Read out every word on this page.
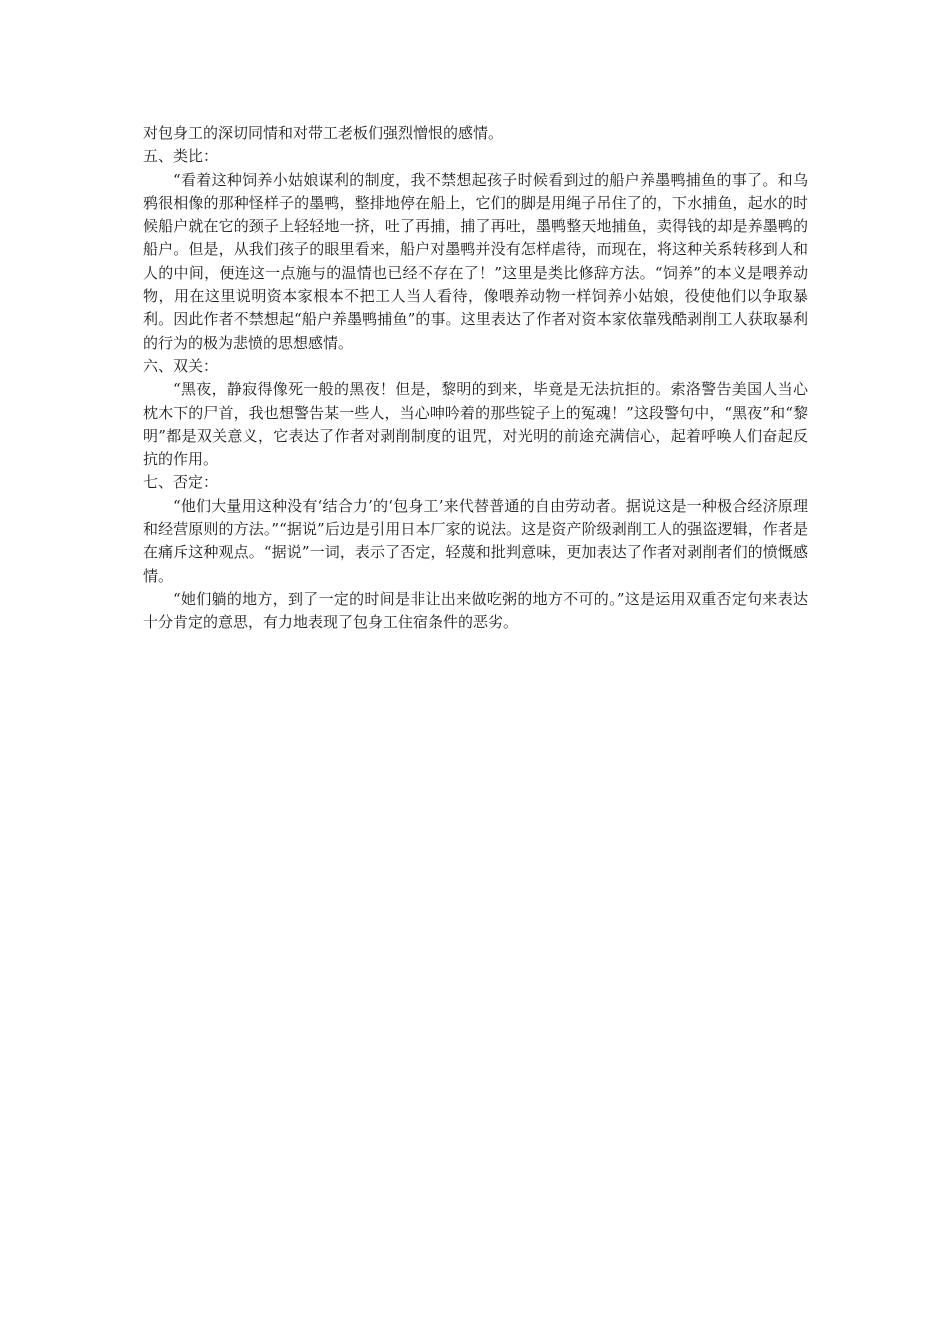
对包身工的深切同情和对带工老板们强烈憎恨的感情。

五、类比：

“看着这种饲养小姑娘谋利的制度，我不禁想起孩子时候看到过的船户养墨鸭捕鱼的事了。和乌鸦很相像的那种怪样子的墨鸭，整排地停在船上，它们的脚是用绳子吊住了的，下水捕鱼，起水的时候船户就在它的颈子上轻轻地一挤，吐了再捕，捕了再吐，墨鸭整天地捕鱼，卖得钱的却是养墨鸭的船户。但是，从我们孩子的眼里看来，船户对墨鸭并没有怎样虐待，而现在，将这种关系转移到人和人的中间，便连这一点施与的温情也已经不存在了！”这里是类比修辞方法。“饲养”的本义是喂养动物，用在这里说明资本家根本不把工人当人看待，像喂养动物一样饲养小姑娘，役使他们以争取暴利。因此作者不禁想起“船户养墨鸭捕鱼”的事。这里表达了作者对资本家依靠残酷剥削工人获取暴利的行为的极为悲愤的思想感情。

六、双关：

“黑夜，静寂得像死一般的黑夜！但是，黎明的到来，毕竟是无法抗拒的。索洛警告美国人当心枕木下的尸首，我也想警告某一些人，当心呻吟着的那些锭子上的冤魂！”这段警句中，“黑夜”和“黎明”都是双关意义，它表达了作者对剥削制度的诅咒，对光明的前途充满信心，起着呼唤人们奋起反抗的作用。

七、否定：

“他们大量用这种没有‘结合力’的‘包身工’来代替普通的自由劳动者。据说这是一种极合经济原理和经营原则的方法。”“据说”后边是引用日本厂家的说法。这是资产阶级剥削工人的强盗逻辑，作者是在痛斥这种观点。“据说”一词，表示了否定，轻蔑和批判意味，更加表达了作者对剥削者们的愤慨感情。

“她们躺的地方，到了一定的时间是非让出来做吃粥的地方不可的。”这是运用双重否定句来表达十分肯定的意思，有力地表现了包身工住宿条件的恶劣。
